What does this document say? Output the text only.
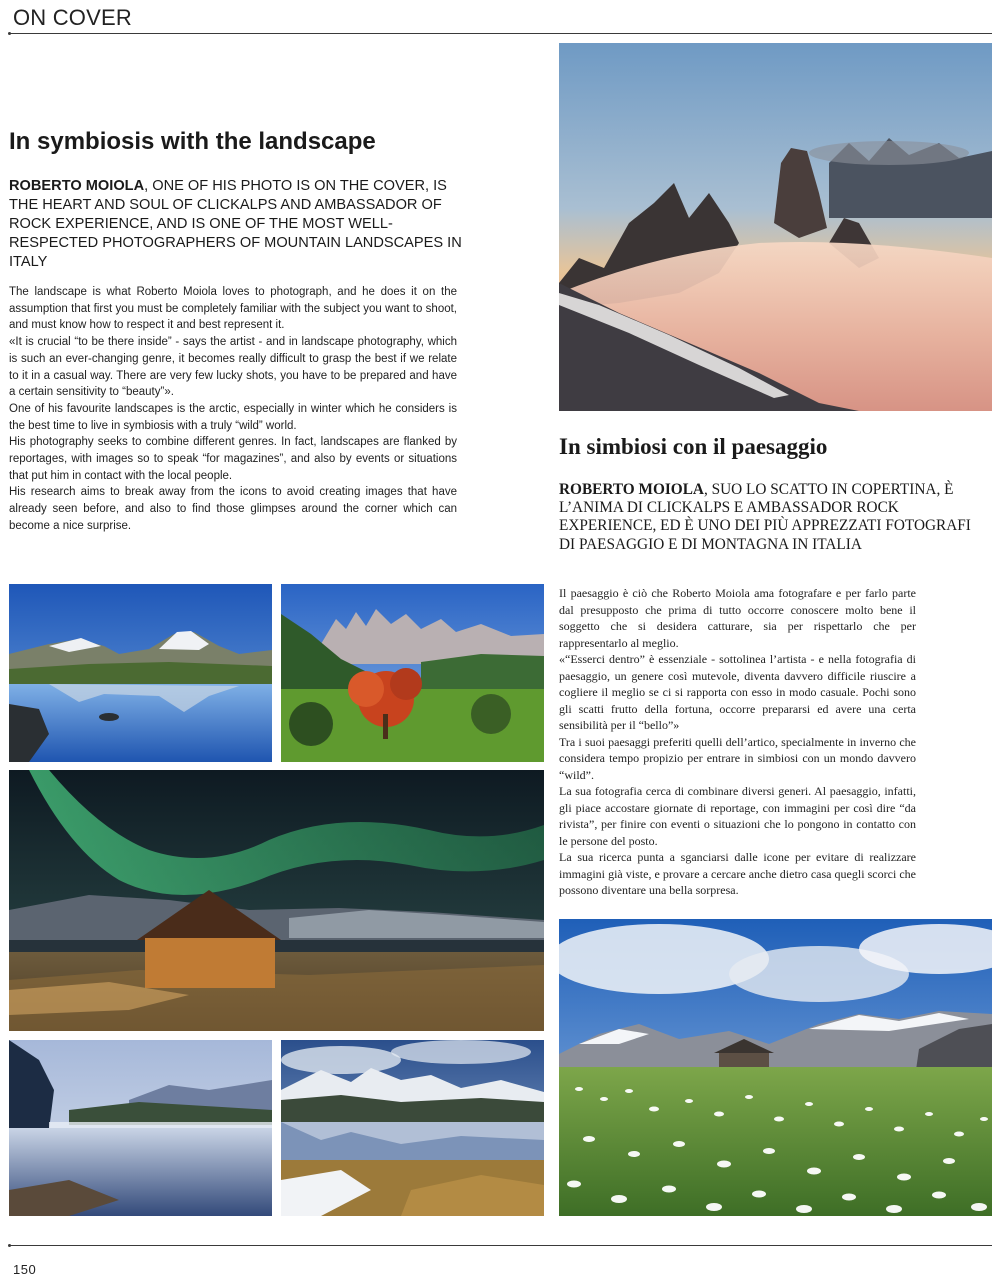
ON COVER
In symbiosis with the landscape

ROBERTO MOIOLA, ONE OF HIS PHOTO IS ON THE COVER, IS THE HEART AND SOUL OF CLICKALPS AND AMBASSADOR OF ROCK EXPERIENCE, AND IS ONE OF THE MOST WELL-RESPECTED PHOTOGRAPHERS OF MOUNTAIN LANDSCAPES IN ITALY

The landscape is what Roberto Moiola loves to photograph, and he does it on the assumption that first you must be completely familiar with the subject you want to shoot, and must know how to respect it and best represent it.

«It is crucial “to be there inside” - says the artist - and in landscape photography, which is such an ever-changing genre, it becomes really difficult to grasp the best if we relate to it in a casual way. There are very few lucky shots, you have to be prepared and have a certain sensitivity to “beauty”».

One of his favourite landscapes is the arctic, especially in winter which he considers is the best time to live in symbiosis with a truly “wild” world.

His photography seeks to combine different genres. In fact, landscapes are flanked by reportages, with images so to speak “for magazines”, and also by events or situations that put him in contact with the local people.

His research aims to break away from the icons to avoid creating images that have already seen before, and also to find those glimpses around the corner which can become a nice surprise.

In simbiosi con il paesaggio

ROBERTO MOIOLA, SUO LO SCATTO IN COPERTINA, È L’ANIMA DI CLICKALPS E AMBASSADOR ROCK EXPERIENCE, ED È UNO DEI PIÙ APPREZZATI FOTOGRAFI DI PAESAGGIO E DI MONTAGNA IN ITALIA

Il paesaggio è ciò che Roberto Moiola ama fotografare e per farlo parte dal presupposto che prima di tutto occorre conoscere molto bene il soggetto che si desidera catturare, sia per rispettarlo che per rappresentarlo al meglio.

«“Esserci dentro” è essenziale - sottolinea l’artista - e nella fotografia di paesaggio, un genere così mutevole, diventa davvero difficile riuscire a cogliere il meglio se ci si rapporta con esso in modo casuale. Pochi sono gli scatti frutto della fortuna, occorre prepararsi ed avere una certa sensibilità per il “bello”»

Tra i suoi paesaggi preferiti quelli dell’artico, specialmente in inverno che considera tempo propizio per entrare in simbiosi con un mondo davvero “wild”.

La sua fotografia cerca di combinare diversi generi. Al paesaggio, infatti, gli piace accostare giornate di reportage, con immagini per così dire “da rivista”, per finire con eventi o situazioni che lo pongono in contatto con le persone del posto.

La sua ricerca punta a sganciarsi dalle icone per evitare di realizzare immagini già viste, e provare a cercare anche dietro casa quegli scorci che possono diventare una bella sorpresa.

150
